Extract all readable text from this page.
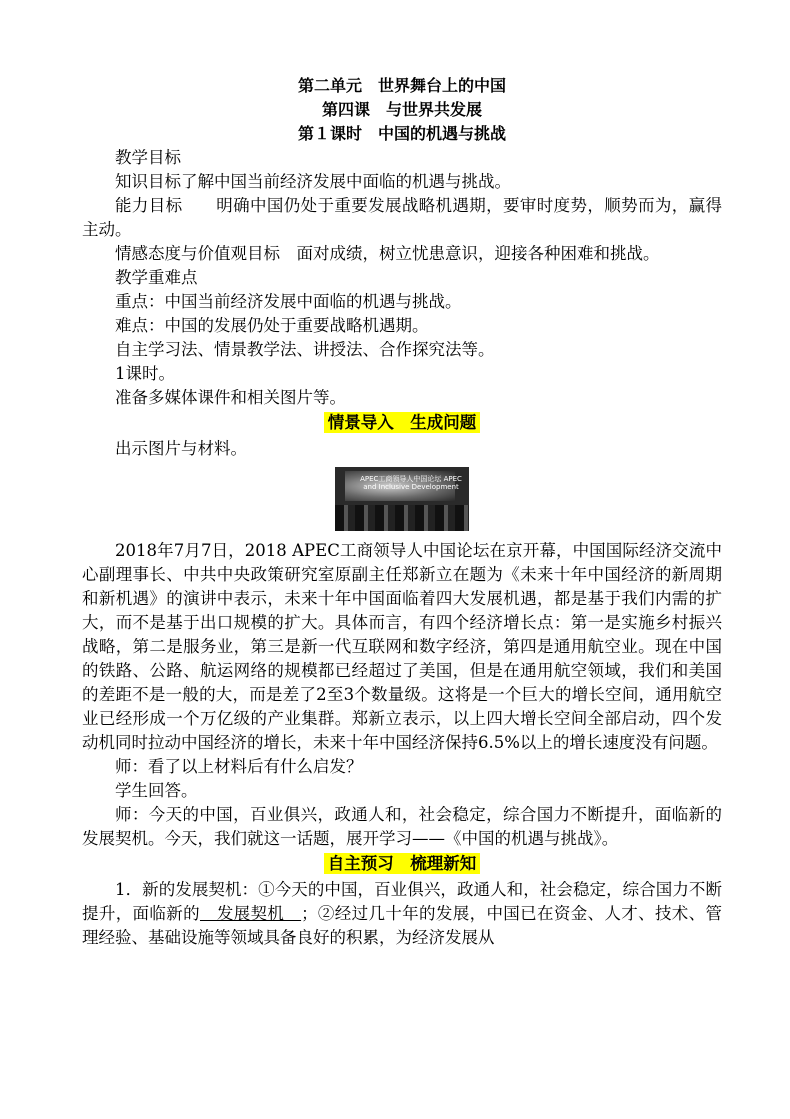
第二单元　世界舞台上的中国

第四课　与世界共发展

第１课时　中国的机遇与挑战

教学目标

知识目标了解中国当前经济发展中面临的机遇与挑战。

能力目标　　明确中国仍处于重要发展战略机遇期，要审时度势，顺势而为，赢得主动。

情感态度与价值观目标　面对成绩，树立忧患意识，迎接各种困难和挑战。

教学重难点

重点：中国当前经济发展中面临的机遇与挑战。

难点：中国的发展仍处于重要战略机遇期。

自主学习法、情景教学法、讲授法、合作探究法等。

1课时。

准备多媒体课件和相关图片等。

情景导入　生成问题

出示图片与材料。

APEC工商领导人中国论坛 APEC and Inclusive Development

2018年7月7日，2018 APEC工商领导人中国论坛在京开幕，中国国际经济交流中心副理事长、中共中央政策研究室原副主任郑新立在题为《未来十年中国经济的新周期和新机遇》的演讲中表示，未来十年中国面临着四大发展机遇，都是基于我们内需的扩大，而不是基于出口规模的扩大。具体而言，有四个经济增长点：第一是实施乡村振兴战略，第二是服务业，第三是新一代互联网和数字经济，第四是通用航空业。现在中国的铁路、公路、航运网络的规模都已经超过了美国，但是在通用航空领域，我们和美国的差距不是一般的大，而是差了2至3个数量级。这将是一个巨大的增长空间，通用航空业已经形成一个万亿级的产业集群。郑新立表示，以上四大增长空间全部启动，四个发动机同时拉动中国经济的增长，未来十年中国经济保持6.5%以上的增长速度没有问题。

师：看了以上材料后有什么启发？

学生回答。

师：今天的中国，百业俱兴，政通人和，社会稳定，综合国力不断提升，面临新的发展契机。今天，我们就这一话题，展开学习——《中国的机遇与挑战》。

自主预习　梳理新知

1．新的发展契机：①今天的中国，百业俱兴，政通人和，社会稳定，综合国力不断提升，面临新的　发展契机　；②经过几十年的发展，中国已在资金、人才、技术、管理经验、基础设施等领域具备良好的积累，为经济发展从
